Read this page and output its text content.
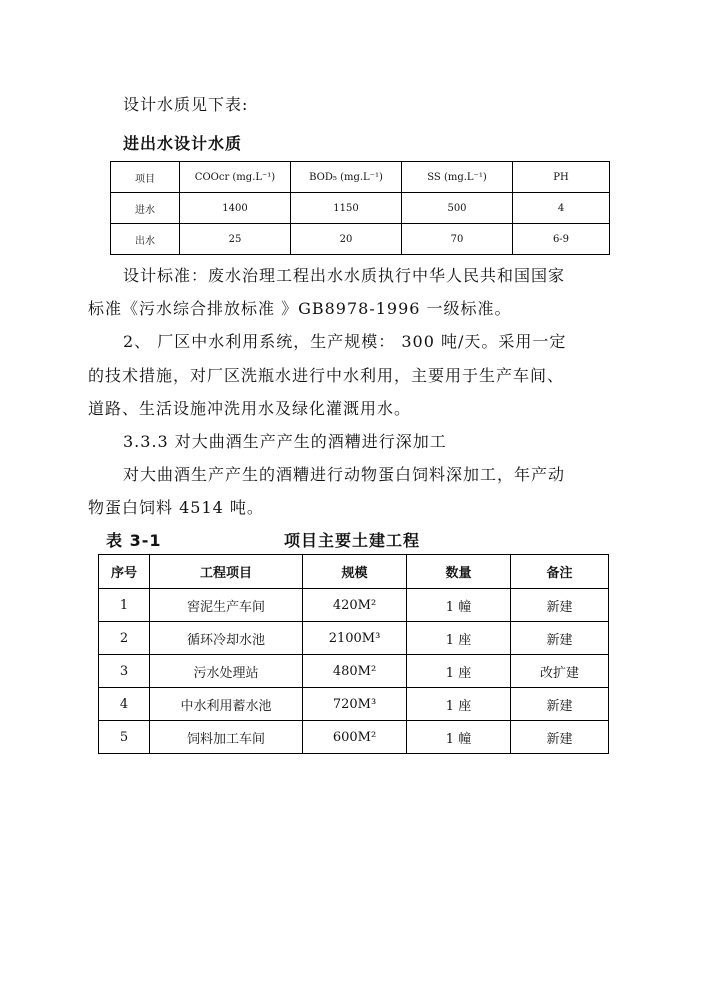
设计水质见下表:
进出水设计水质
项目	COOcr (mg.L⁻¹)	BOD₅ (mg.L⁻¹)	SS (mg.L⁻¹)	PH
进水	1400	1150	500	4
出水	25	20	70	6-9
设计标准：废水治理工程出水水质执行中华人民共和国国家
标准《污水综合排放标准 》GB8978-1996 一级标准。
2、 厂区中水利用系统，生产规模： 300 吨/天。采用一定
的技术措施，对厂区洗瓶水进行中水利用，主要用于生产车间、
道路、生活设施冲洗用水及绿化灌溉用水。
3.3.3 对大曲酒生产产生的酒糟进行深加工
对大曲酒生产产生的酒糟进行动物蛋白饲料深加工，年产动
物蛋白饲料 4514 吨。
表 3-1	项目主要土建工程
序号	工程项目	规模	数量	备注
1	窖泥生产车间	420M²	1 幢	新建
2	循环冷却水池	2100M³	1 座	新建
3	污水处理站	480M²	1 座	改扩建
4	中水利用蓄水池	720M³	1 座	新建
5	饲料加工车间	600M²	1 幢	新建
